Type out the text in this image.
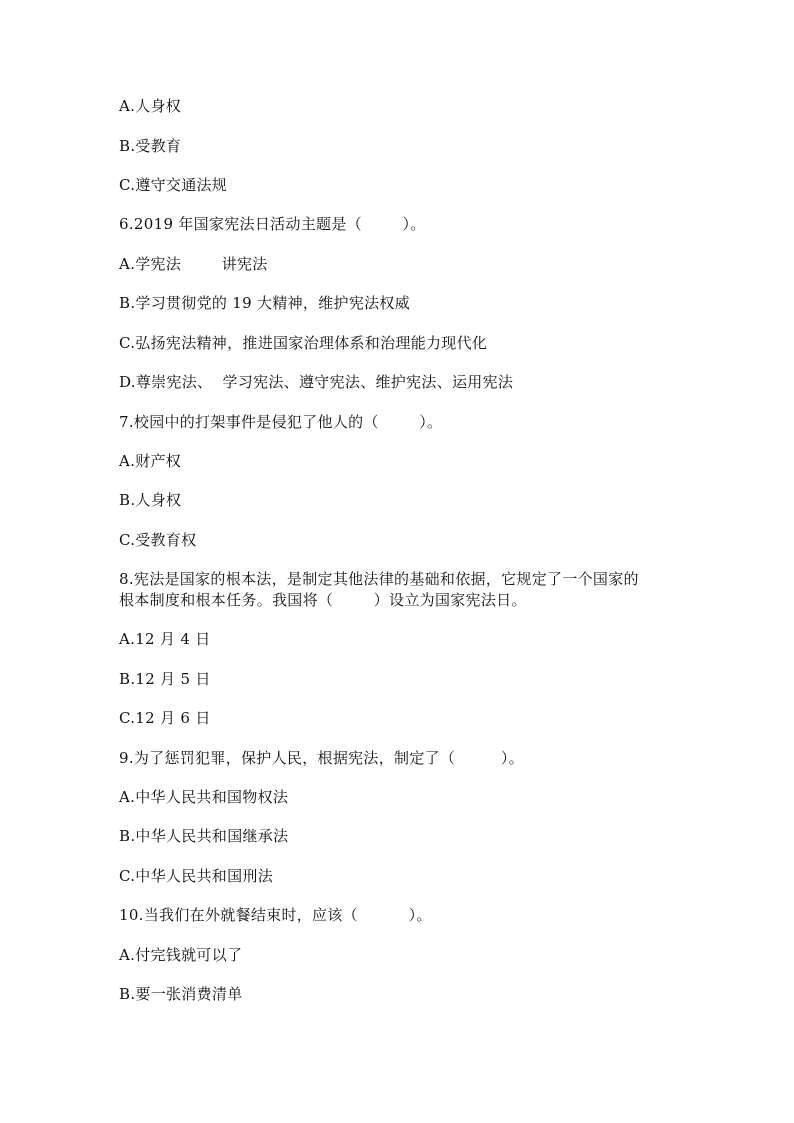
A.人身权
B.受教育
C.遵守交通法规
6.2019 年国家宪法日活动主题是（        ）。
A.学宪法        讲宪法
B.学习贯彻党的 19 大精神，维护宪法权威
C.弘扬宪法精神，推进国家治理体系和治理能力现代化
D.尊崇宪法、  学习宪法、遵守宪法、维护宪法、运用宪法
7.校园中的打架事件是侵犯了他人的（        ）。
A.财产权
B.人身权
C.受教育权
8.宪法是国家的根本法，是制定其他法律的基础和依据，它规定了一个国家的
根本制度和根本任务。我国将（        ）设立为国家宪法日。
A.12 月 4 日
B.12 月 5 日
C.12 月 6 日
9.为了惩罚犯罪，保护人民，根据宪法，制定了（         ）。
A.中华人民共和国物权法
B.中华人民共和国继承法
C.中华人民共和国刑法
10.当我们在外就餐结束时，应该（          ）。
A.付完钱就可以了
B.要一张消费清单
